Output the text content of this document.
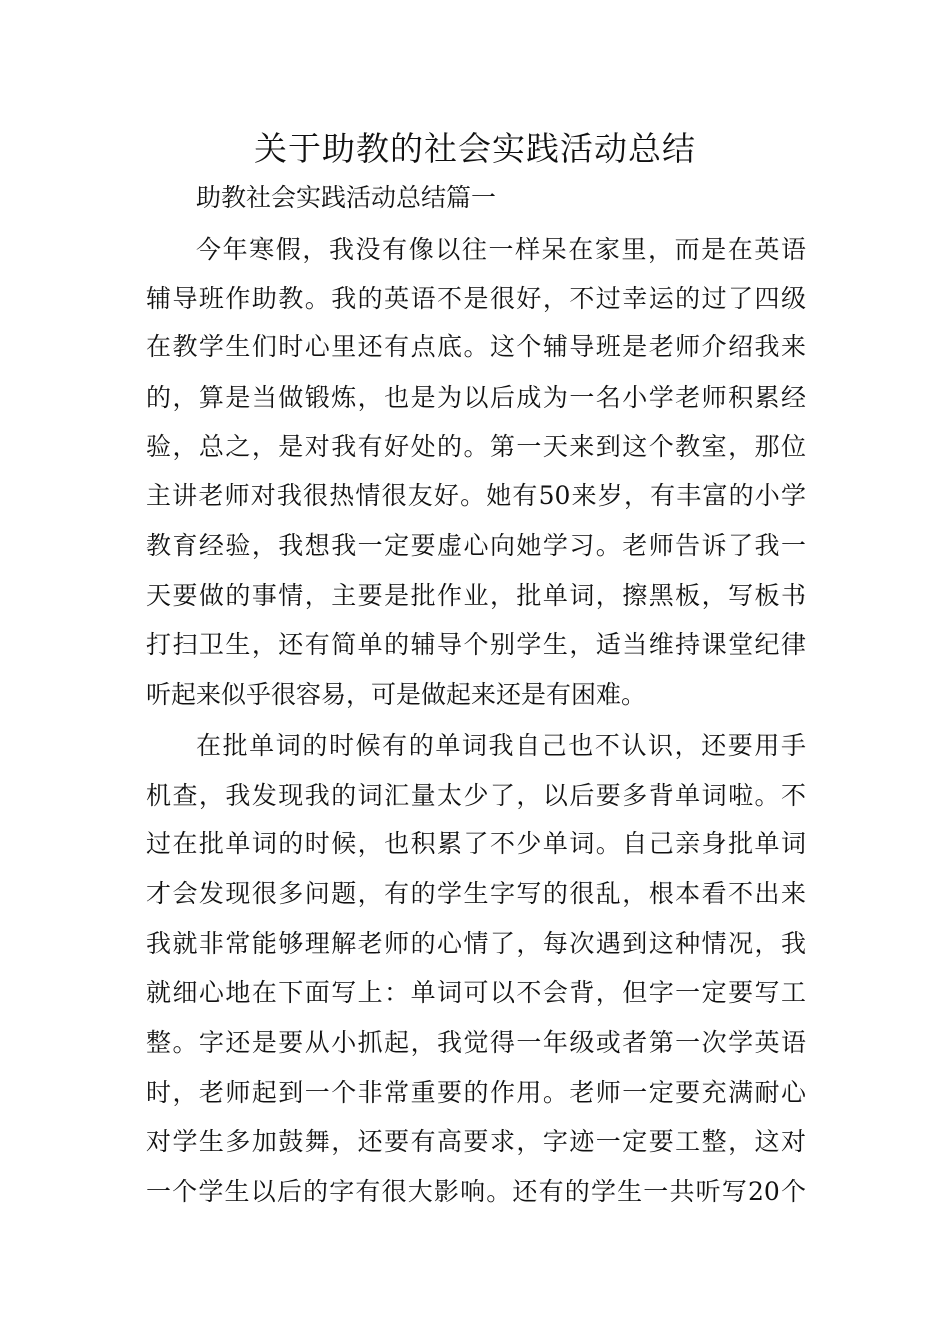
关于助教的社会实践活动总结
助教社会实践活动总结篇一
今年寒假，我没有像以往一样呆在家里，而是在英语
辅导班作助教。我的英语不是很好，不过幸运的过了四级
在教学生们时心里还有点底。这个辅导班是老师介绍我来
的，算是当做锻炼，也是为以后成为一名小学老师积累经
验，总之，是对我有好处的。第一天来到这个教室，那位
主讲老师对我很热情很友好。她有50来岁，有丰富的小学
教育经验，我想我一定要虚心向她学习。老师告诉了我一
天要做的事情，主要是批作业，批单词，擦黑板，写板书
打扫卫生，还有简单的辅导个别学生，适当维持课堂纪律
听起来似乎很容易，可是做起来还是有困难。
在批单词的时候有的单词我自己也不认识，还要用手
机查，我发现我的词汇量太少了，以后要多背单词啦。不
过在批单词的时候，也积累了不少单词。自己亲身批单词
才会发现很多问题，有的学生字写的很乱，根本看不出来
我就非常能够理解老师的心情了，每次遇到这种情况，我
就细心地在下面写上：单词可以不会背，但字一定要写工
整。字还是要从小抓起，我觉得一年级或者第一次学英语
时，老师起到一个非常重要的作用。老师一定要充满耐心
对学生多加鼓舞，还要有高要求，字迹一定要工整，这对
一个学生以后的字有很大影响。还有的学生一共听写20个
